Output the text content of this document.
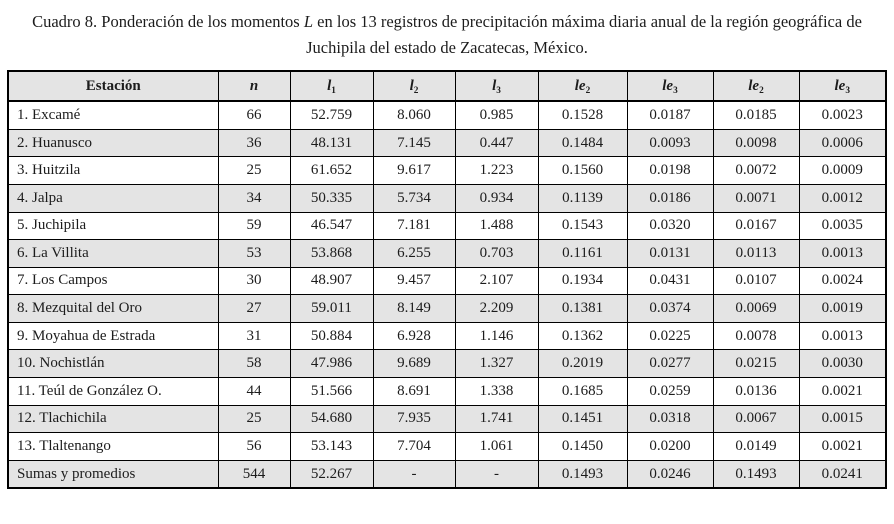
Cuadro 8. Ponderación de los momentos L en los 13 registros de precipitación máxima diaria anual de la región geográfica de Juchipila del estado de Zacatecas, México.
Estación	n	$l_1$	$l_2$	$l_3$	$le_2$	$le_3$	$le_2$	$le_3$
1. Excamé	66	52.759	8.060	0.985	0.1528	0.0187	0.0185	0.0023
2. Huanusco	36	48.131	7.145	0.447	0.1484	0.0093	0.0098	0.0006
3. Huitzila	25	61.652	9.617	1.223	0.1560	0.0198	0.0072	0.0009
4. Jalpa	34	50.335	5.734	0.934	0.1139	0.0186	0.0071	0.0012
5. Juchipila	59	46.547	7.181	1.488	0.1543	0.0320	0.0167	0.0035
6. La Villita	53	53.868	6.255	0.703	0.1161	0.0131	0.0113	0.0013
7. Los Campos	30	48.907	9.457	2.107	0.1934	0.0431	0.0107	0.0024
8. Mezquital del Oro	27	59.011	8.149	2.209	0.1381	0.0374	0.0069	0.0019
9. Moyahua de Estrada	31	50.884	6.928	1.146	0.1362	0.0225	0.0078	0.0013
10. Nochistlán	58	47.986	9.689	1.327	0.2019	0.0277	0.0215	0.0030
11. Teúl de González O.	44	51.566	8.691	1.338	0.1685	0.0259	0.0136	0.0021
12. Tlachichila	25	54.680	7.935	1.741	0.1451	0.0318	0.0067	0.0015
13. Tlaltenango	56	53.143	7.704	1.061	0.1450	0.0200	0.0149	0.0021
Sumas y promedios	544	52.267	-	-	0.1493	0.0246	0.1493	0.0241
